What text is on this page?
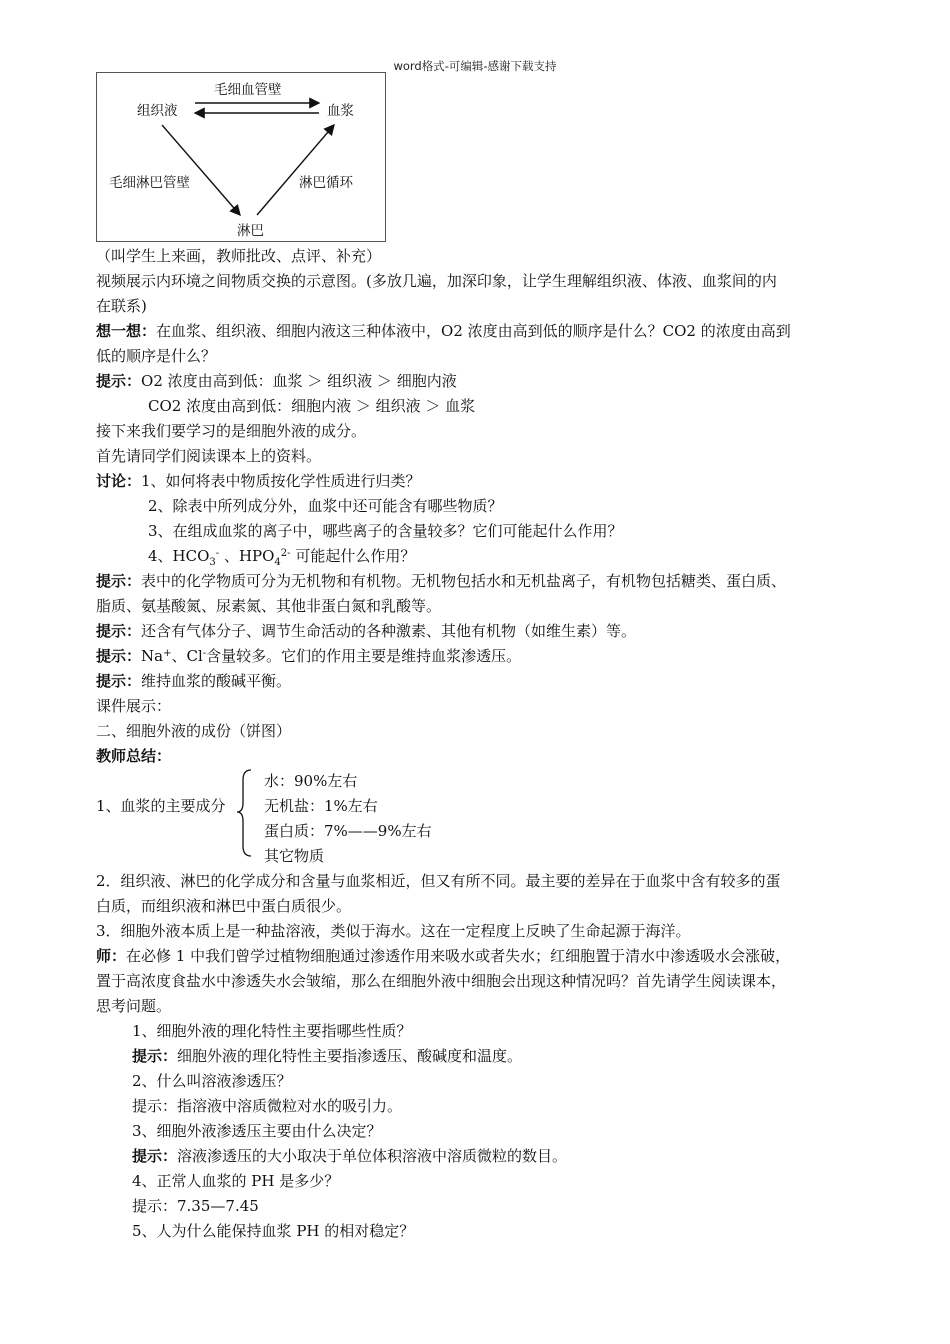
word格式-可编辑-感谢下载支持
毛细血管壁
组织液	血浆
毛细淋巴管壁	淋巴循环
淋巴
（叫学生上来画，教师批改、点评、补充）
视频展示内环境之间物质交换的示意图。(多放几遍，加深印象，让学生理解组织液、体液、血浆间的内
在联系)
想一想：在血浆、组织液、细胞内液这三种体液中，O2 浓度由高到低的顺序是什么？CO2 的浓度由高到
低的顺序是什么？
提示：O2 浓度由高到低：血浆 ＞ 组织液 ＞ 细胞内液
CO2 浓度由高到低：细胞内液 ＞ 组织液 ＞ 血浆
接下来我们要学习的是细胞外液的成分。
首先请同学们阅读课本上的资料。
讨论：1、如何将表中物质按化学性质进行归类？
2、除表中所列成分外，血浆中还可能含有哪些物质？
3、在组成血浆的离子中，哪些离子的含量较多？它们可能起什么作用？
4、$HCO_3^-$ 、$HPO_4^{2-}$ 可能起什么作用？
提示：表中的化学物质可分为无机物和有机物。无机物包括水和无机盐离子，有机物包括糖类、蛋白质、
脂质、氨基酸氮、尿素氮、其他非蛋白氮和乳酸等。
提示：还含有气体分子、调节生命活动的各种激素、其他有机物（如维生素）等。
提示：Na+、Cl-含量较多。它们的作用主要是维持血浆渗透压。
提示：维持血浆的酸碱平衡。
课件展示：
二、细胞外液的成份（饼图）
教师总结：
水：90%左右
无机盐：1%左右
1、血浆的主要成分
蛋白质：7%——9%左右
其它物质
2．组织液、淋巴的化学成分和含量与血浆相近，但又有所不同。最主要的差异在于血浆中含有较多的蛋
白质，而组织液和淋巴中蛋白质很少。
3．细胞外液本质上是一种盐溶液，类似于海水。这在一定程度上反映了生命起源于海洋。
师：在必修 1 中我们曾学过植物细胞通过渗透作用来吸水或者失水；红细胞置于清水中渗透吸水会涨破，
置于高浓度食盐水中渗透失水会皱缩，那么在细胞外液中细胞会出现这种情况吗？首先请学生阅读课本，
思考问题。
1、细胞外液的理化特性主要指哪些性质？
提示：细胞外液的理化特性主要指渗透压、酸碱度和温度。
2、什么叫溶液渗透压？
提示：指溶液中溶质微粒对水的吸引力。
3、细胞外液渗透压主要由什么决定？
提示：溶液渗透压的大小取决于单位体积溶液中溶质微粒的数目。
4、正常人血浆的 PH 是多少？
提示：7.35—7.45
5、人为什么能保持血浆 PH 的相对稳定？
